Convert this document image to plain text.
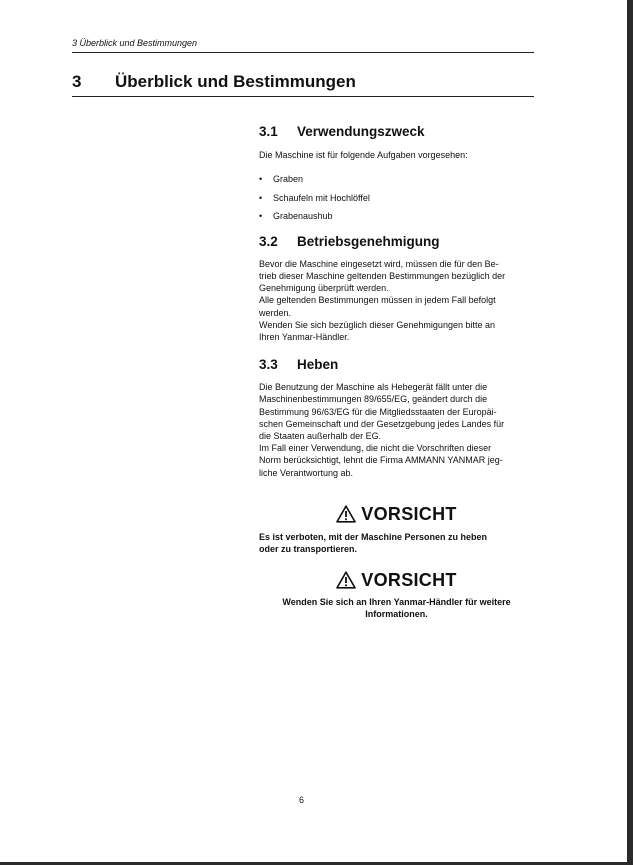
3 Überblick und Bestimmungen
3	Überblick und Bestimmungen
3.1	Verwendungszweck

Die Maschine ist für folgende Aufgaben vorgesehen:

•	Graben
•	Schaufeln mit Hochlöffel
•	Grabenaushub
3.2	Betriebsgenehmigung

Bevor die Maschine eingesetzt wird, müssen die für den Be-
trieb dieser Maschine geltenden Bestimmungen bezüglich der
Genehmigung überprüft werden.
Alle geltenden Bestimmungen müssen in jedem Fall befolgt
werden.
Wenden Sie sich bezüglich dieser Genehmigungen bitte an
Ihren Yanmar-Händler.

3.3	Heben

Die Benutzung der Maschine als Hebegerät fällt unter die
Maschinenbestimmungen 89/655/EG, geändert durch die
Bestimmung 96/63/EG für die Mitgliedsstaaten der Europäi-
schen Gemeinschaft und der Gesetzgebung jedes Landes für
die Staaten außerhalb der EG.
Im Fall einer Verwendung, die nicht die Vorschriften dieser
Norm berücksichtigt, lehnt die Firma AMMANN YANMAR jeg-
liche Verantwortung ab.

VORSICHT
Es ist verboten, mit der Maschine Personen zu heben
oder zu transportieren.
VORSICHT
Wenden Sie sich an Ihren Yanmar-Händler für weitere
Informationen.
6
